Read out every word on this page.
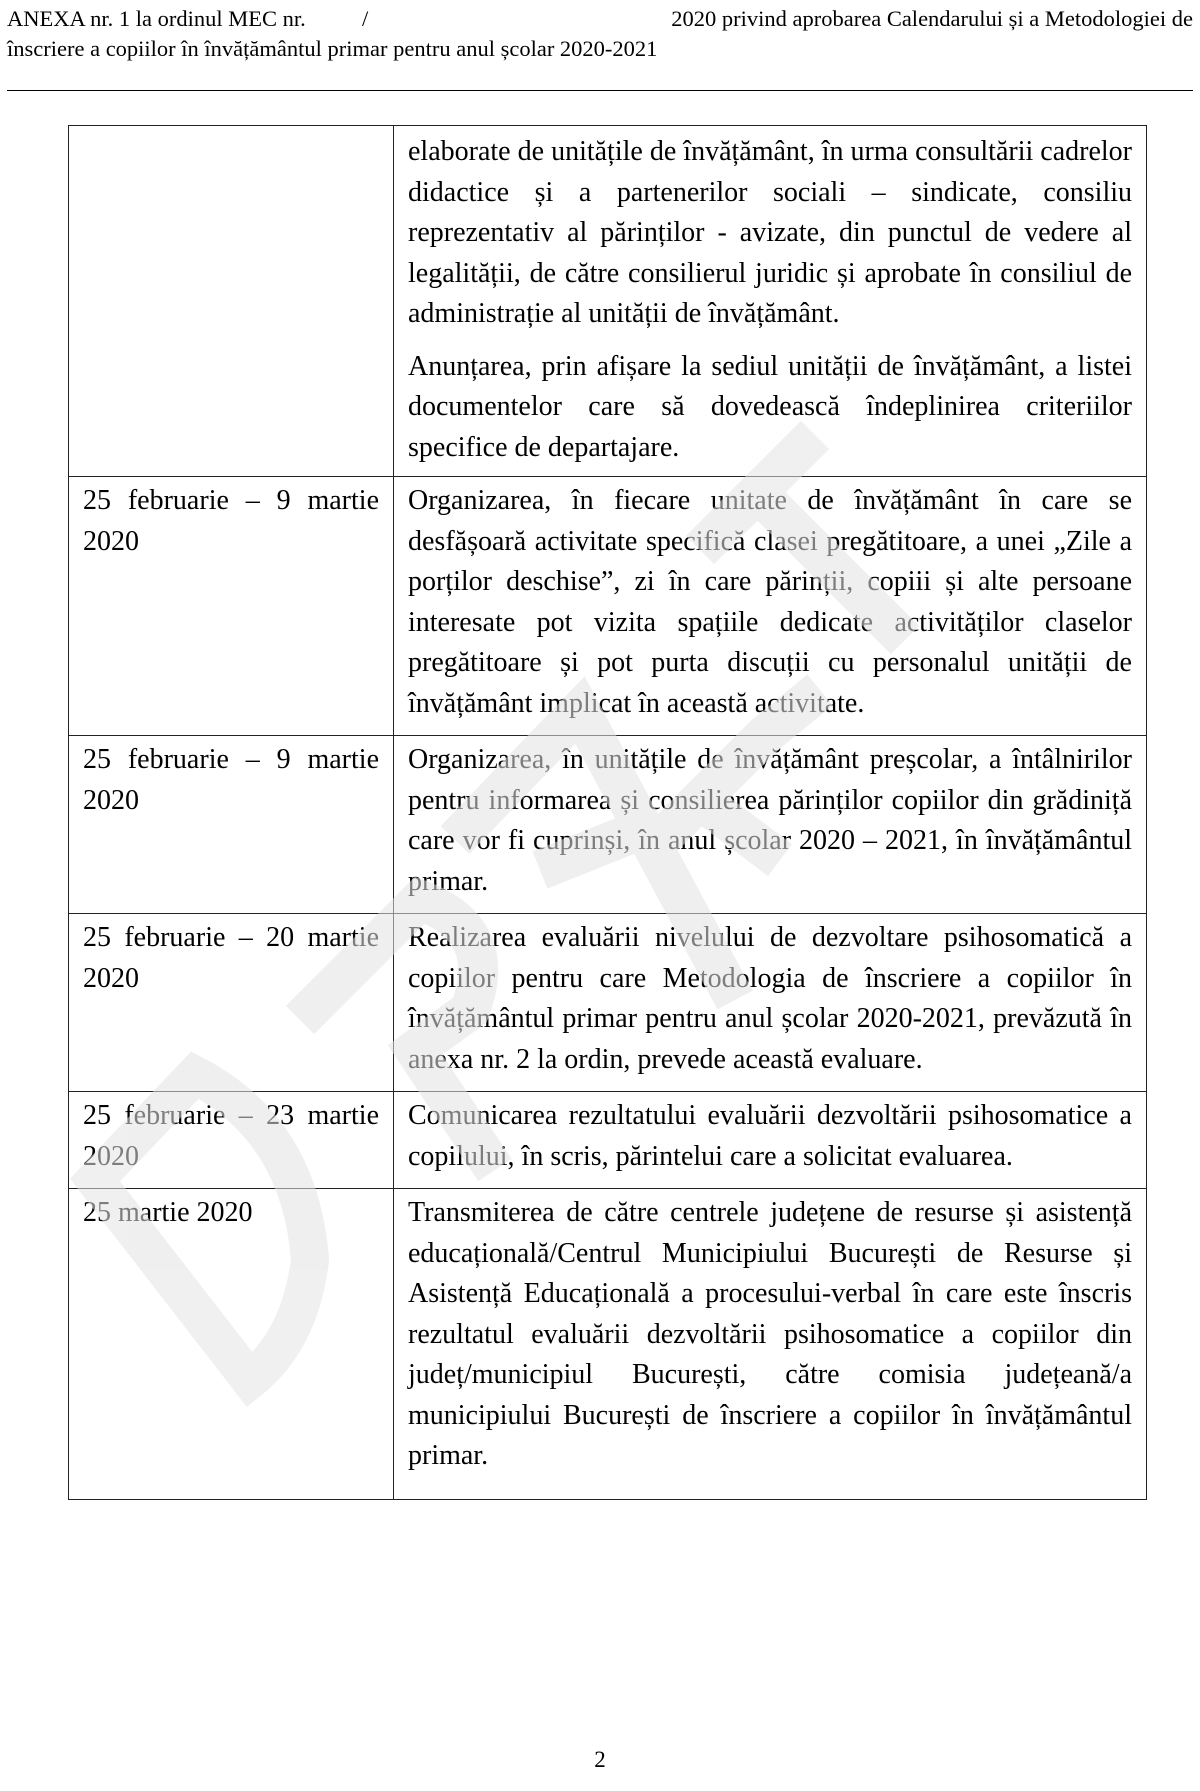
ANEXA nr. 1 la ordinul MEC nr.          /	2020 privind aprobarea Calendarului și a Metodologiei de
înscriere a copiilor în învățământul primar pentru anul școlar 2020-2021

	elaborate de unitățile de învățământ, în urma consultării cadrelor didactice și a partenerilor sociali – sindicate, consiliu reprezentativ al părinților - avizate, din punctul de vedere al legalității, de către consilierul juridic și aprobate în consiliul de administrație al unității de învățământ.

Anunțarea, prin afișare la sediul unității de învățământ, a listei documentelor care să dovedească îndeplinirea criteriilor specifice de departajare.

25 februarie – 9 martie 2020	Organizarea, în fiecare unitate de învățământ în care se desfășoară activitate specifică clasei pregătitoare, a unei „Zile a porților deschise”, zi în care părinții, copiii și alte persoane interesate pot vizita spațiile dedicate activităților claselor pregătitoare și pot purta discuții cu personalul unității de învățământ implicat în această activitate.

25 februarie – 9 martie 2020	Organizarea, în unitățile de învățământ preșcolar, a întâlnirilor pentru informarea și consilierea părinților copiilor din grădiniță care vor fi cuprinși, în anul școlar 2020 – 2021, în învățământul primar.

25 februarie – 20 martie 2020	Realizarea evaluării nivelului de dezvoltare psihosomatică a copiilor pentru care Metodologia de înscriere a copiilor în învățământul primar pentru anul școlar 2020-2021, prevăzută în anexa nr. 2 la ordin, prevede această evaluare.

25 februarie – 23 martie 2020	Comunicarea rezultatului evaluării dezvoltării psihosomatice a copilului, în scris, părintelui care a solicitat evaluarea.

25 martie 2020	Transmiterea de către centrele județene de resurse și asistență educațională/Centrul Municipiului București de Resurse și Asistență Educațională a procesului-verbal în care este înscris rezultatul evaluării dezvoltării psihosomatice a copiilor din județ/municipiul București, către comisia județeană/a municipiului București de înscriere a copiilor în învățământul primar.

2
